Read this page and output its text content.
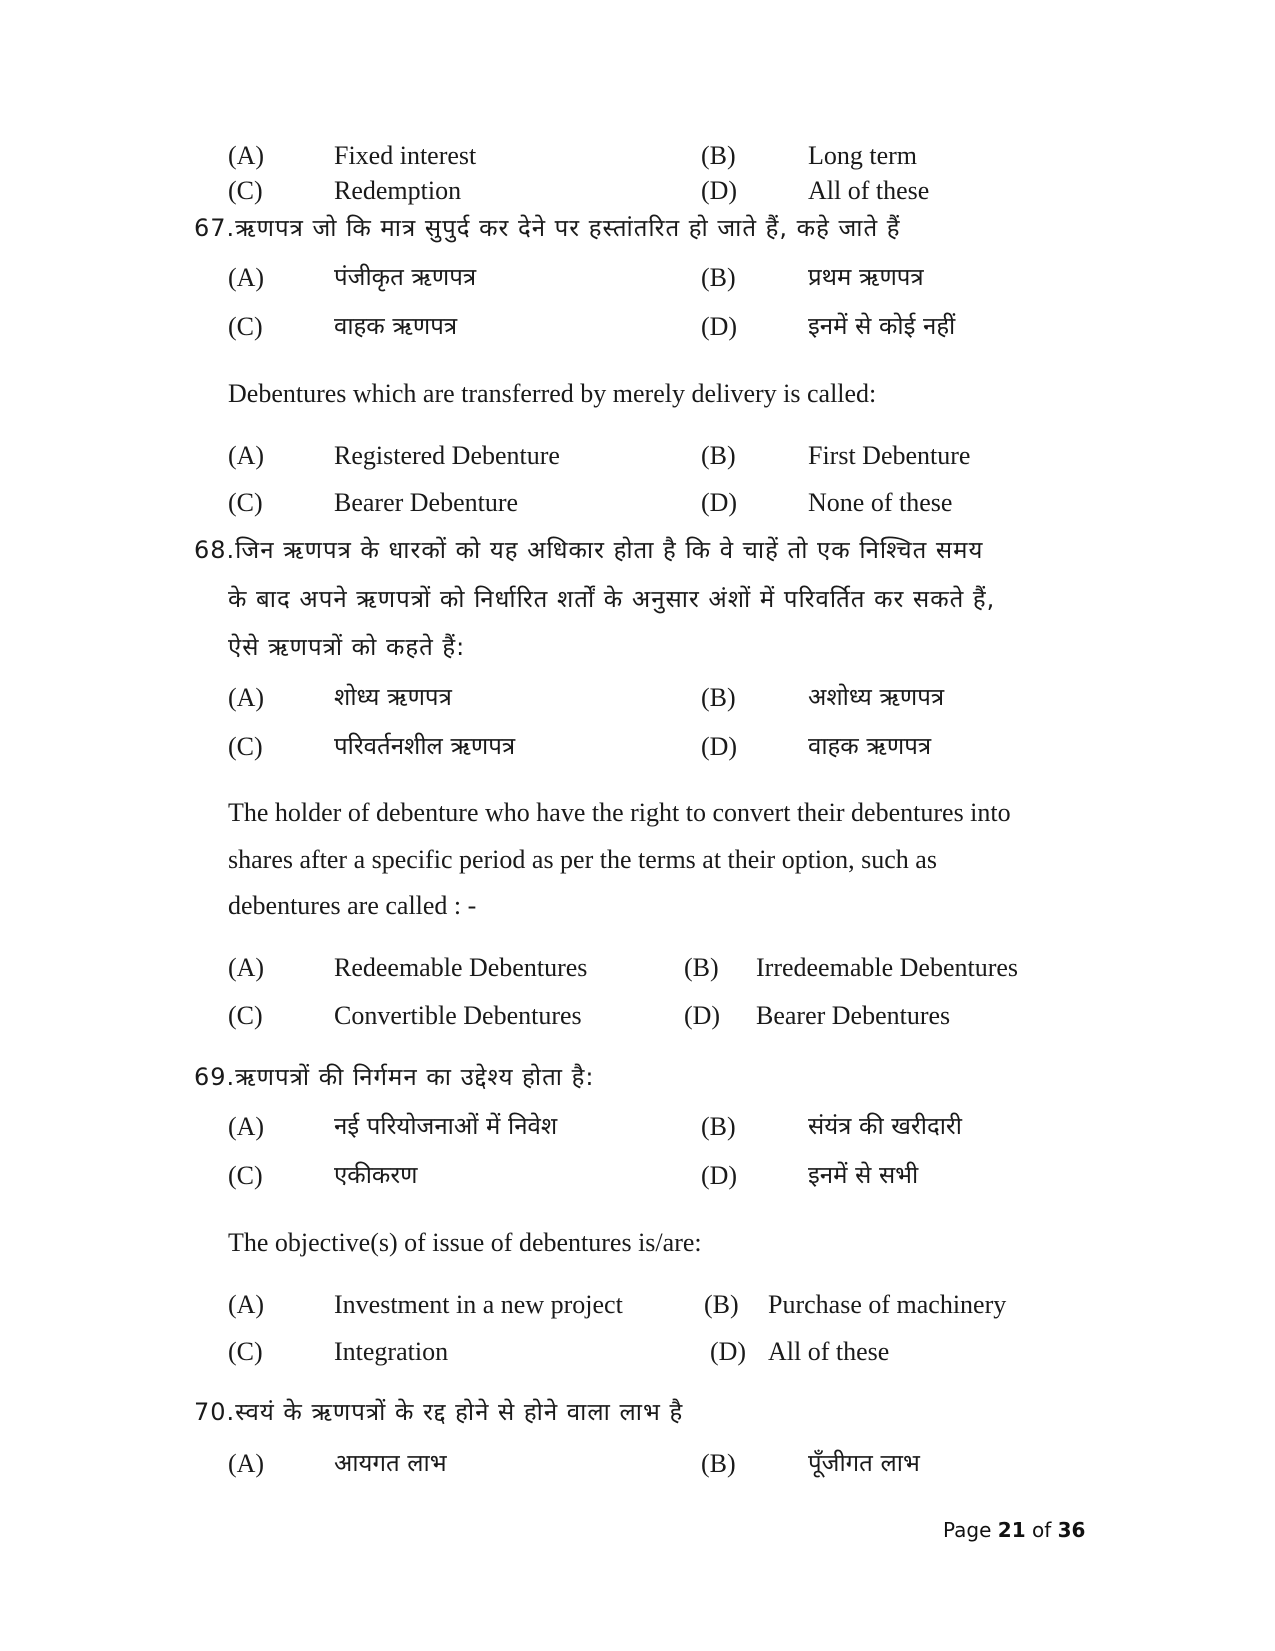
(A)	Fixed interest	(B)	Long term
(C)	Redemption	(D)	All of these
67.ऋणपत्र जो कि मात्र सुपुर्द कर देने पर हस्तांतरित हो जाते हैं, कहे जाते हैं
(A)	पंजीकृत ऋणपत्र	(B)	प्रथम ऋणपत्र
(C)	वाहक ऋणपत्र	(D)	इनमें से कोई नहीं
Debentures which are transferred by merely delivery is called:
(A)	Registered Debenture	(B)	First Debenture
(C)	Bearer Debenture	(D)	None of these
68.जिन ऋणपत्र के धारकों को यह अधिकार होता है कि वे चाहें तो एक निश्चित समय
के बाद अपने ऋणपत्रों को निर्धारित शर्तों के अनुसार अंशों में परिवर्तित कर सकते हैं,
ऐसे ऋणपत्रों को कहते हैं:
(A)	शोध्य ऋणपत्र	(B)	अशोध्य ऋणपत्र
(C)	परिवर्तनशील ऋणपत्र	(D)	वाहक ऋणपत्र
The holder of debenture who have the right to convert their debentures into
shares after a specific period as per the terms at their option, such as
debentures are called : -
(A)	Redeemable Debentures	(B) Irredeemable Debentures
(C)	Convertible Debentures	(D) Bearer Debentures
69.ऋणपत्रों की निर्गमन का उद्देश्य होता है:
(A)	नई परियोजनाओं में निवेश	(B)	संयंत्र की खरीदारी
(C)	एकीकरण	(D)	इनमें से सभी
The objective(s) of issue of debentures is/are:
(A)	Investment in a new project	(B) Purchase of machinery
(C)	Integration	(D) All of these
70.स्वयं के ऋणपत्रों के रद्द होने से होने वाला लाभ है
(A)	आयगत लाभ	(B)	पूँजीगत लाभ
Page 21 of 36
